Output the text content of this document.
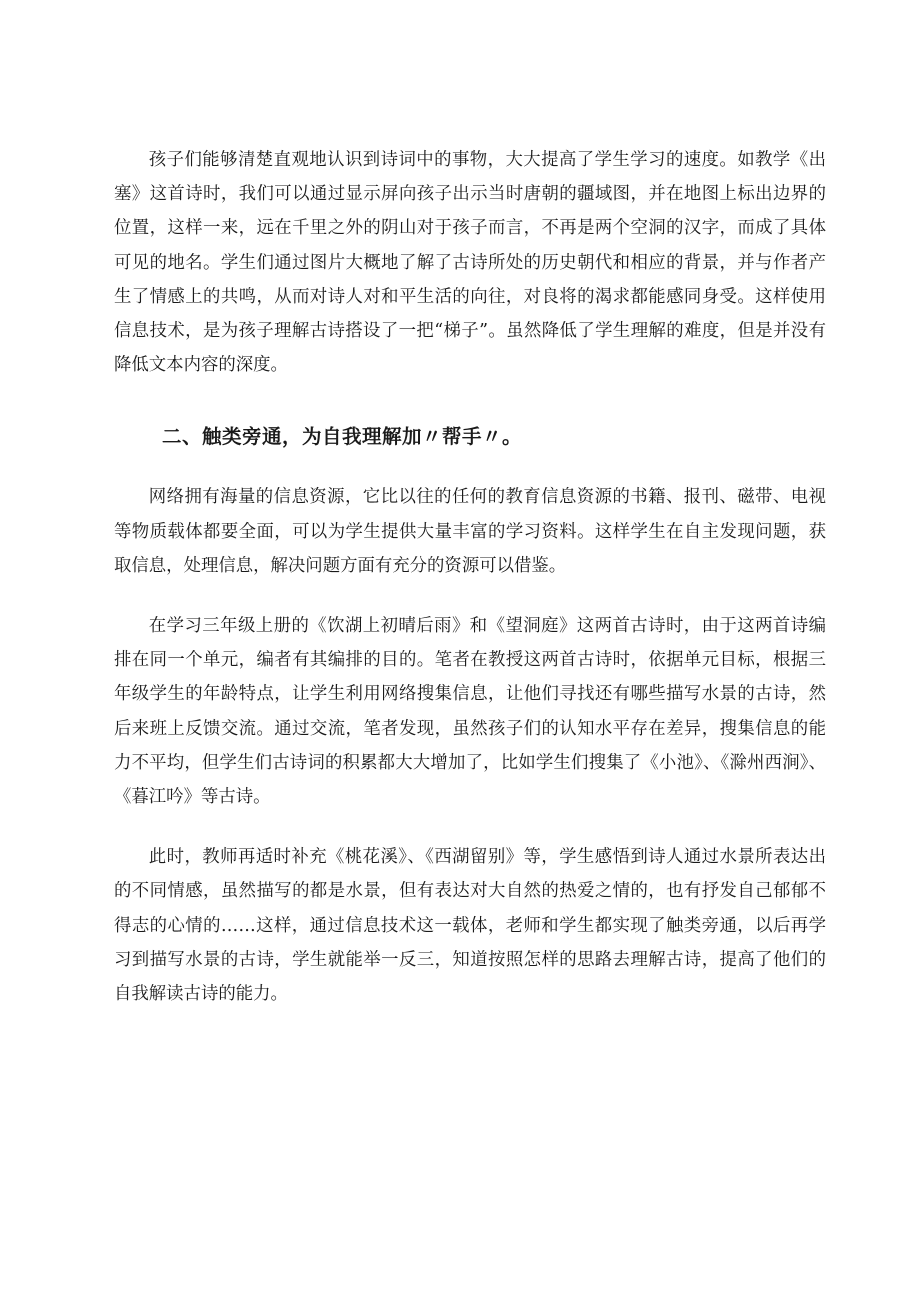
孩子们能够清楚直观地认识到诗词中的事物，大大提高了学生学习的速度。如教学《出塞》这首诗时，我们可以通过显示屏向孩子出示当时唐朝的疆域图，并在地图上标出边界的位置，这样一来，远在千里之外的阴山对于孩子而言，不再是两个空洞的汉字，而成了具体可见的地名。学生们通过图片大概地了解了古诗所处的历史朝代和相应的背景，并与作者产生了情感上的共鸣，从而对诗人对和平生活的向往，对良将的渴求都能感同身受。这样使用信息技术，是为孩子理解古诗搭设了一把“梯子”。虽然降低了学生理解的难度，但是并没有降低文本内容的深度。

二、触类旁通，为自我理解加〃帮手〃。

网络拥有海量的信息资源，它比以往的任何的教育信息资源的书籍、报刊、磁带、电视等物质载体都要全面，可以为学生提供大量丰富的学习资料。这样学生在自主发现问题，获取信息，处理信息，解决问题方面有充分的资源可以借鉴。

在学习三年级上册的《饮湖上初晴后雨》和《望洞庭》这两首古诗时，由于这两首诗编排在同一个单元，编者有其编排的目的。笔者在教授这两首古诗时，依据单元目标，根据三年级学生的年龄特点，让学生利用网络搜集信息，让他们寻找还有哪些描写水景的古诗，然后来班上反馈交流。通过交流，笔者发现，虽然孩子们的认知水平存在差异，搜集信息的能力不平均，但学生们古诗词的积累都大大增加了，比如学生们搜集了《小池》、《滁州西涧》、《暮江吟》等古诗。

此时，教师再适时补充《桃花溪》、《西湖留别》等，学生感悟到诗人通过水景所表达出的不同情感，虽然描写的都是水景，但有表达对大自然的热爱之情的，也有抒发自己郁郁不得志的心情的……这样，通过信息技术这一载体，老师和学生都实现了触类旁通，以后再学习到描写水景的古诗，学生就能举一反三，知道按照怎样的思路去理解古诗，提高了他们的自我解读古诗的能力。
